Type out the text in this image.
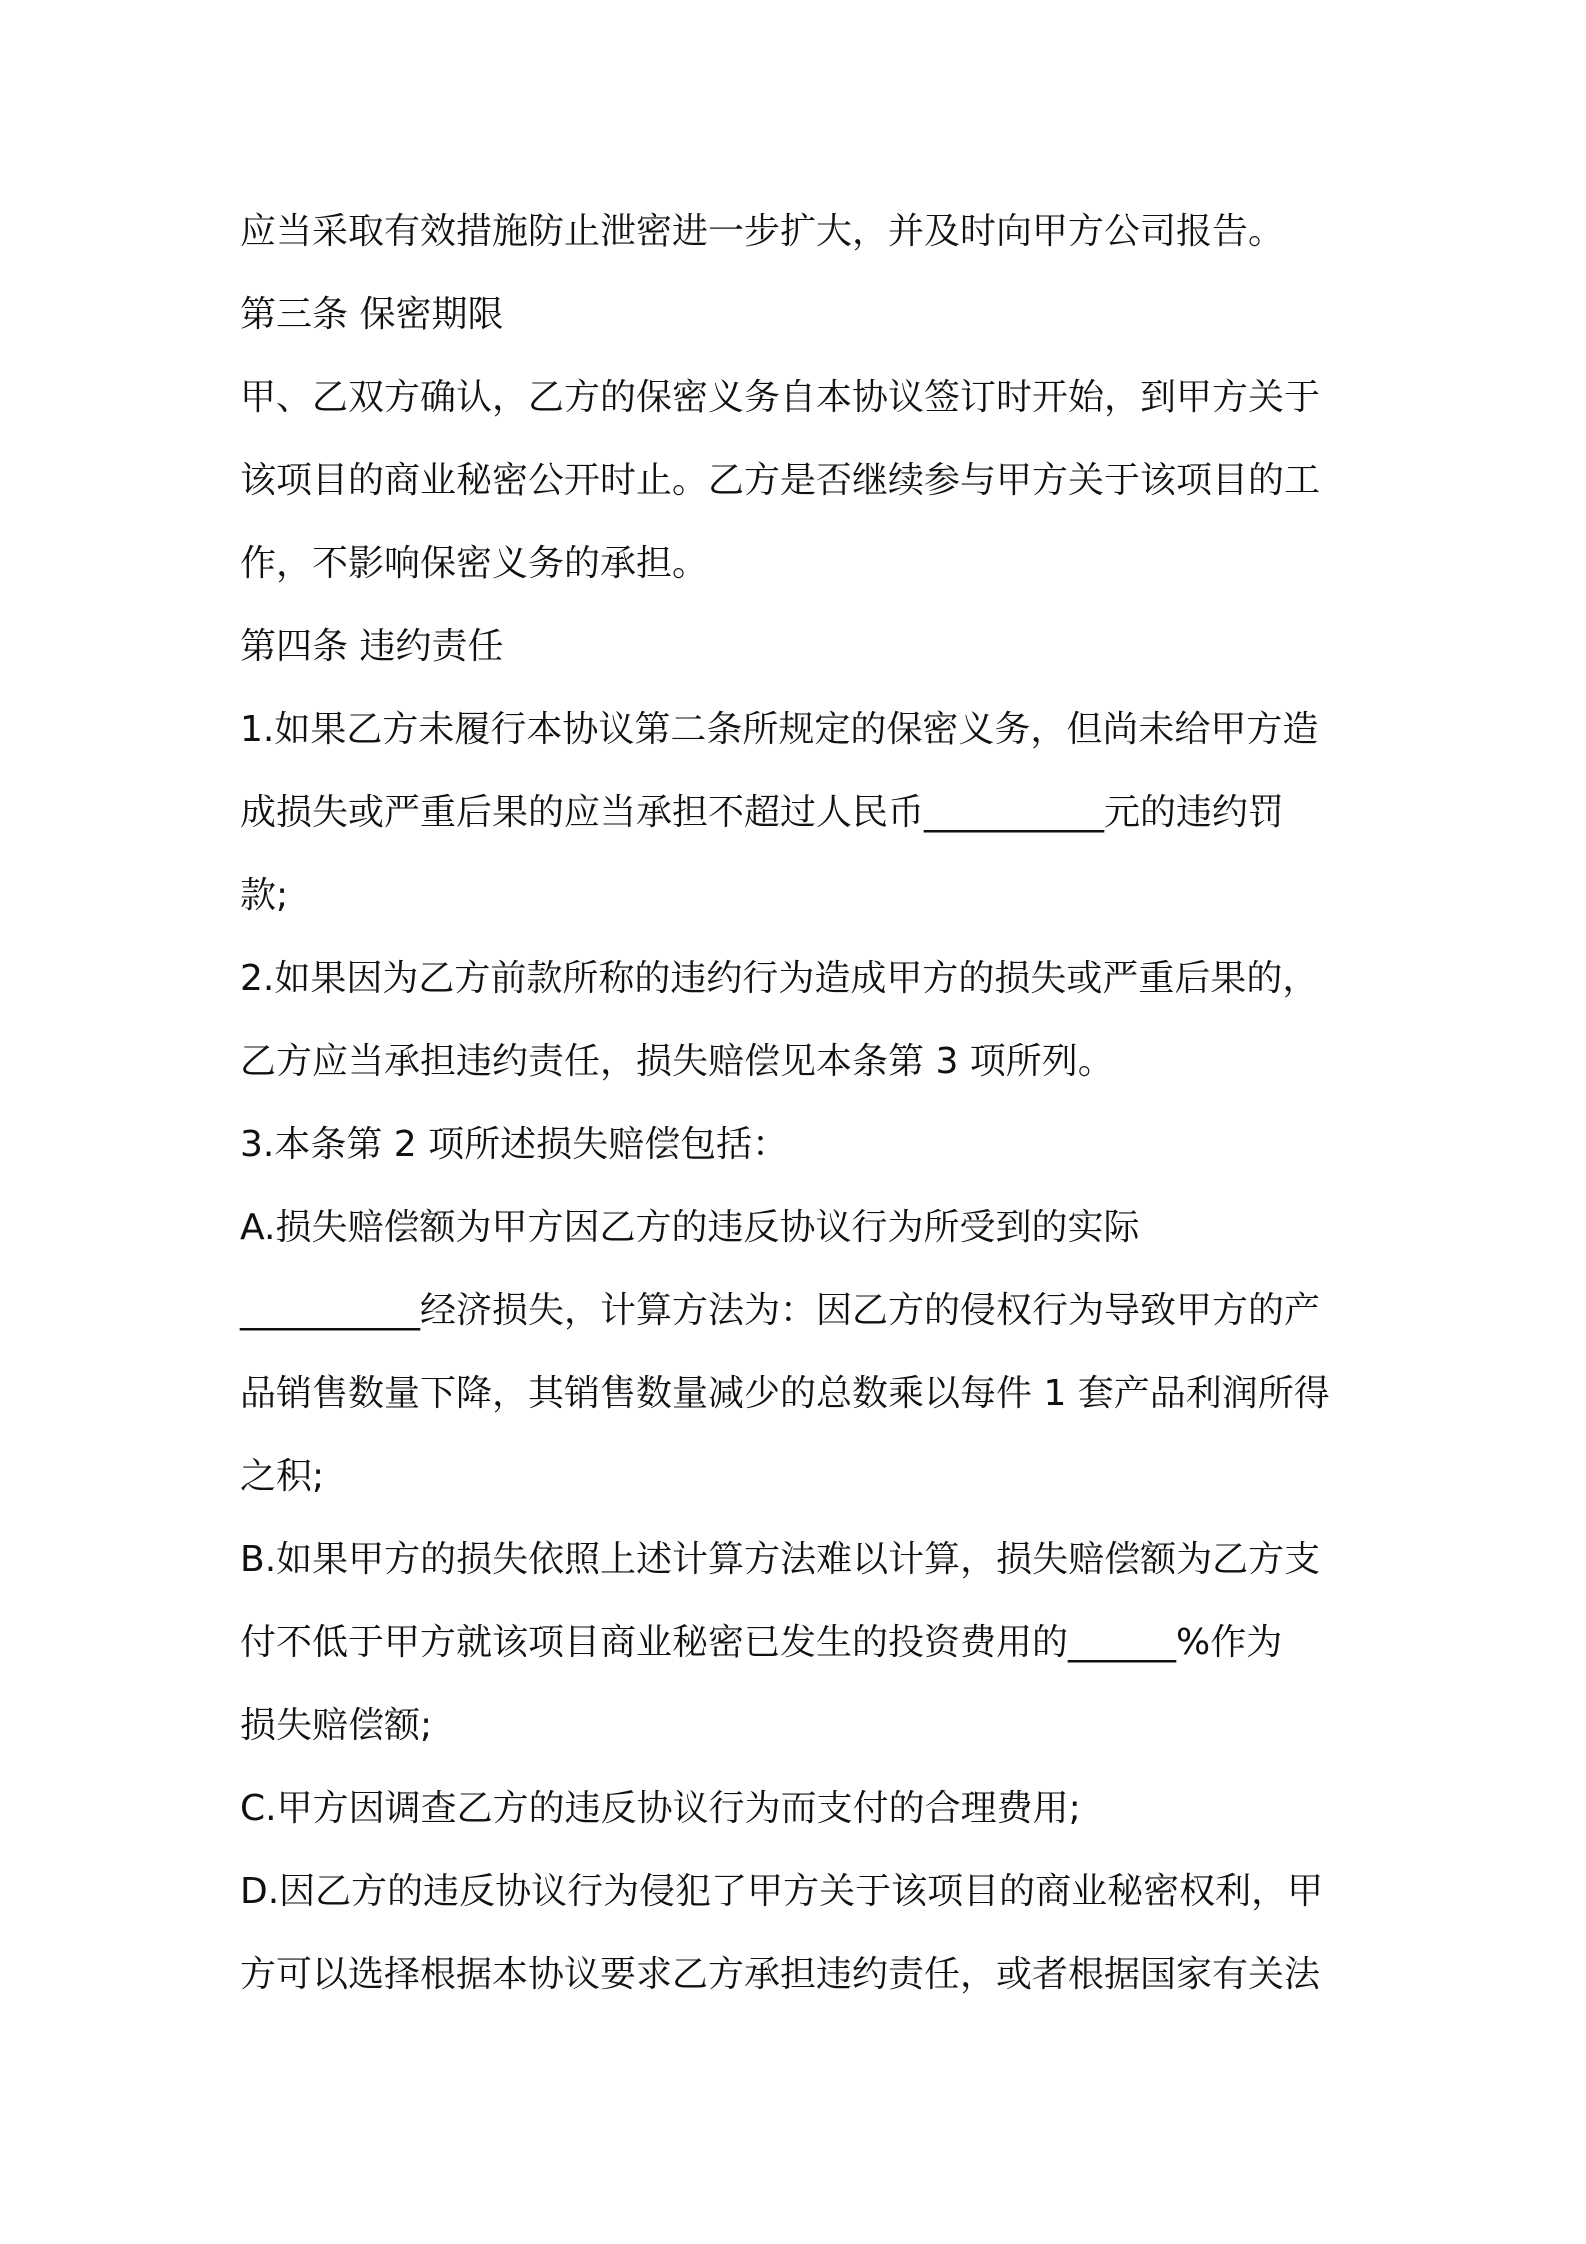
应当采取有效措施防止泄密进一步扩大，并及时向甲方公司报告。
第三条 保密期限
甲、乙双方确认，乙方的保密义务自本协议签订时开始，到甲方关于
该项目的商业秘密公开时止。乙方是否继续参与甲方关于该项目的工
作，不影响保密义务的承担。
第四条 违约责任
1.如果乙方未履行本协议第二条所规定的保密义务，但尚未给甲方造
成损失或严重后果的应当承担不超过人民币__________元的违约罚
款;
2.如果因为乙方前款所称的违约行为造成甲方的损失或严重后果的，
乙方应当承担违约责任，损失赔偿见本条第 3 项所列。
3.本条第 2 项所述损失赔偿包括：
A.损失赔偿额为甲方因乙方的违反协议行为所受到的实际
__________经济损失，计算方法为：因乙方的侵权行为导致甲方的产
品销售数量下降，其销售数量减少的总数乘以每件 1 套产品利润所得
之积;
B.如果甲方的损失依照上述计算方法难以计算，损失赔偿额为乙方支
付不低于甲方就该项目商业秘密已发生的投资费用的______%作为
损失赔偿额;
C.甲方因调查乙方的违反协议行为而支付的合理费用;
D.因乙方的违反协议行为侵犯了甲方关于该项目的商业秘密权利，甲
方可以选择根据本协议要求乙方承担违约责任，或者根据国家有关法
